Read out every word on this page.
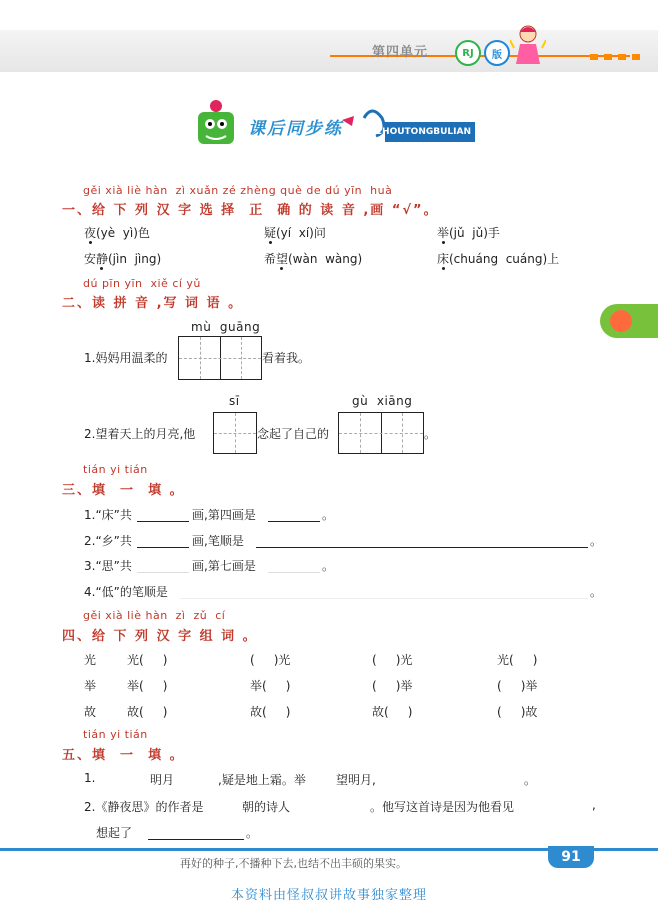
第四单元	RJ	版
课后同步练	KEHOUTONGBULIAN
gěi xià liè hàn  zì xuǎn zé zhèng què de dú yīn  huà
一、给 下 列 汉 字 选 择  正  确 的 读 音 ,画 “√”。
夜(yè  yì)色	疑(yí  xí)问	举(jǔ  jǔ)手
安静(jìn  jìng)	希望(wàn  wàng)	床(chuáng  cuáng)上
dú pīn yīn  xiě cí yǔ
二、读 拼 音 ,写 词 语 。
mù  guāng
1.妈妈用温柔的	看着我。
sī	gù  xiāng
2.望着天上的月亮,他	念起了自己的	。
tián yi tián
三、填  一  填 。
1.“床”共	画,第四画是	。
2.“乡”共	画,笔顺是	。
3.“思”共	画,第七画是	。
4.“低”的笔顺是	。
gěi xià liè hàn  zì  zǔ  cí
四、给 下 列 汉 字 组 词 。
光	光(     )	(     )光	(     )光	光(     )
举	举(     )	举(     )	(     )举	(     )举
故	故(     )	故(     )	故(     )	(     )故
tián yi tián
五、填  一  填 。
1.	明月	,疑是地上霜。举	望明月,	。
2.《静夜思》的作者是	朝的诗人	。他写这首诗是因为他看见	,
想起了	。
再好的种子,不播种下去,也结不出丰硕的果实。	91
本资料由怪叔叔讲故事独家整理
